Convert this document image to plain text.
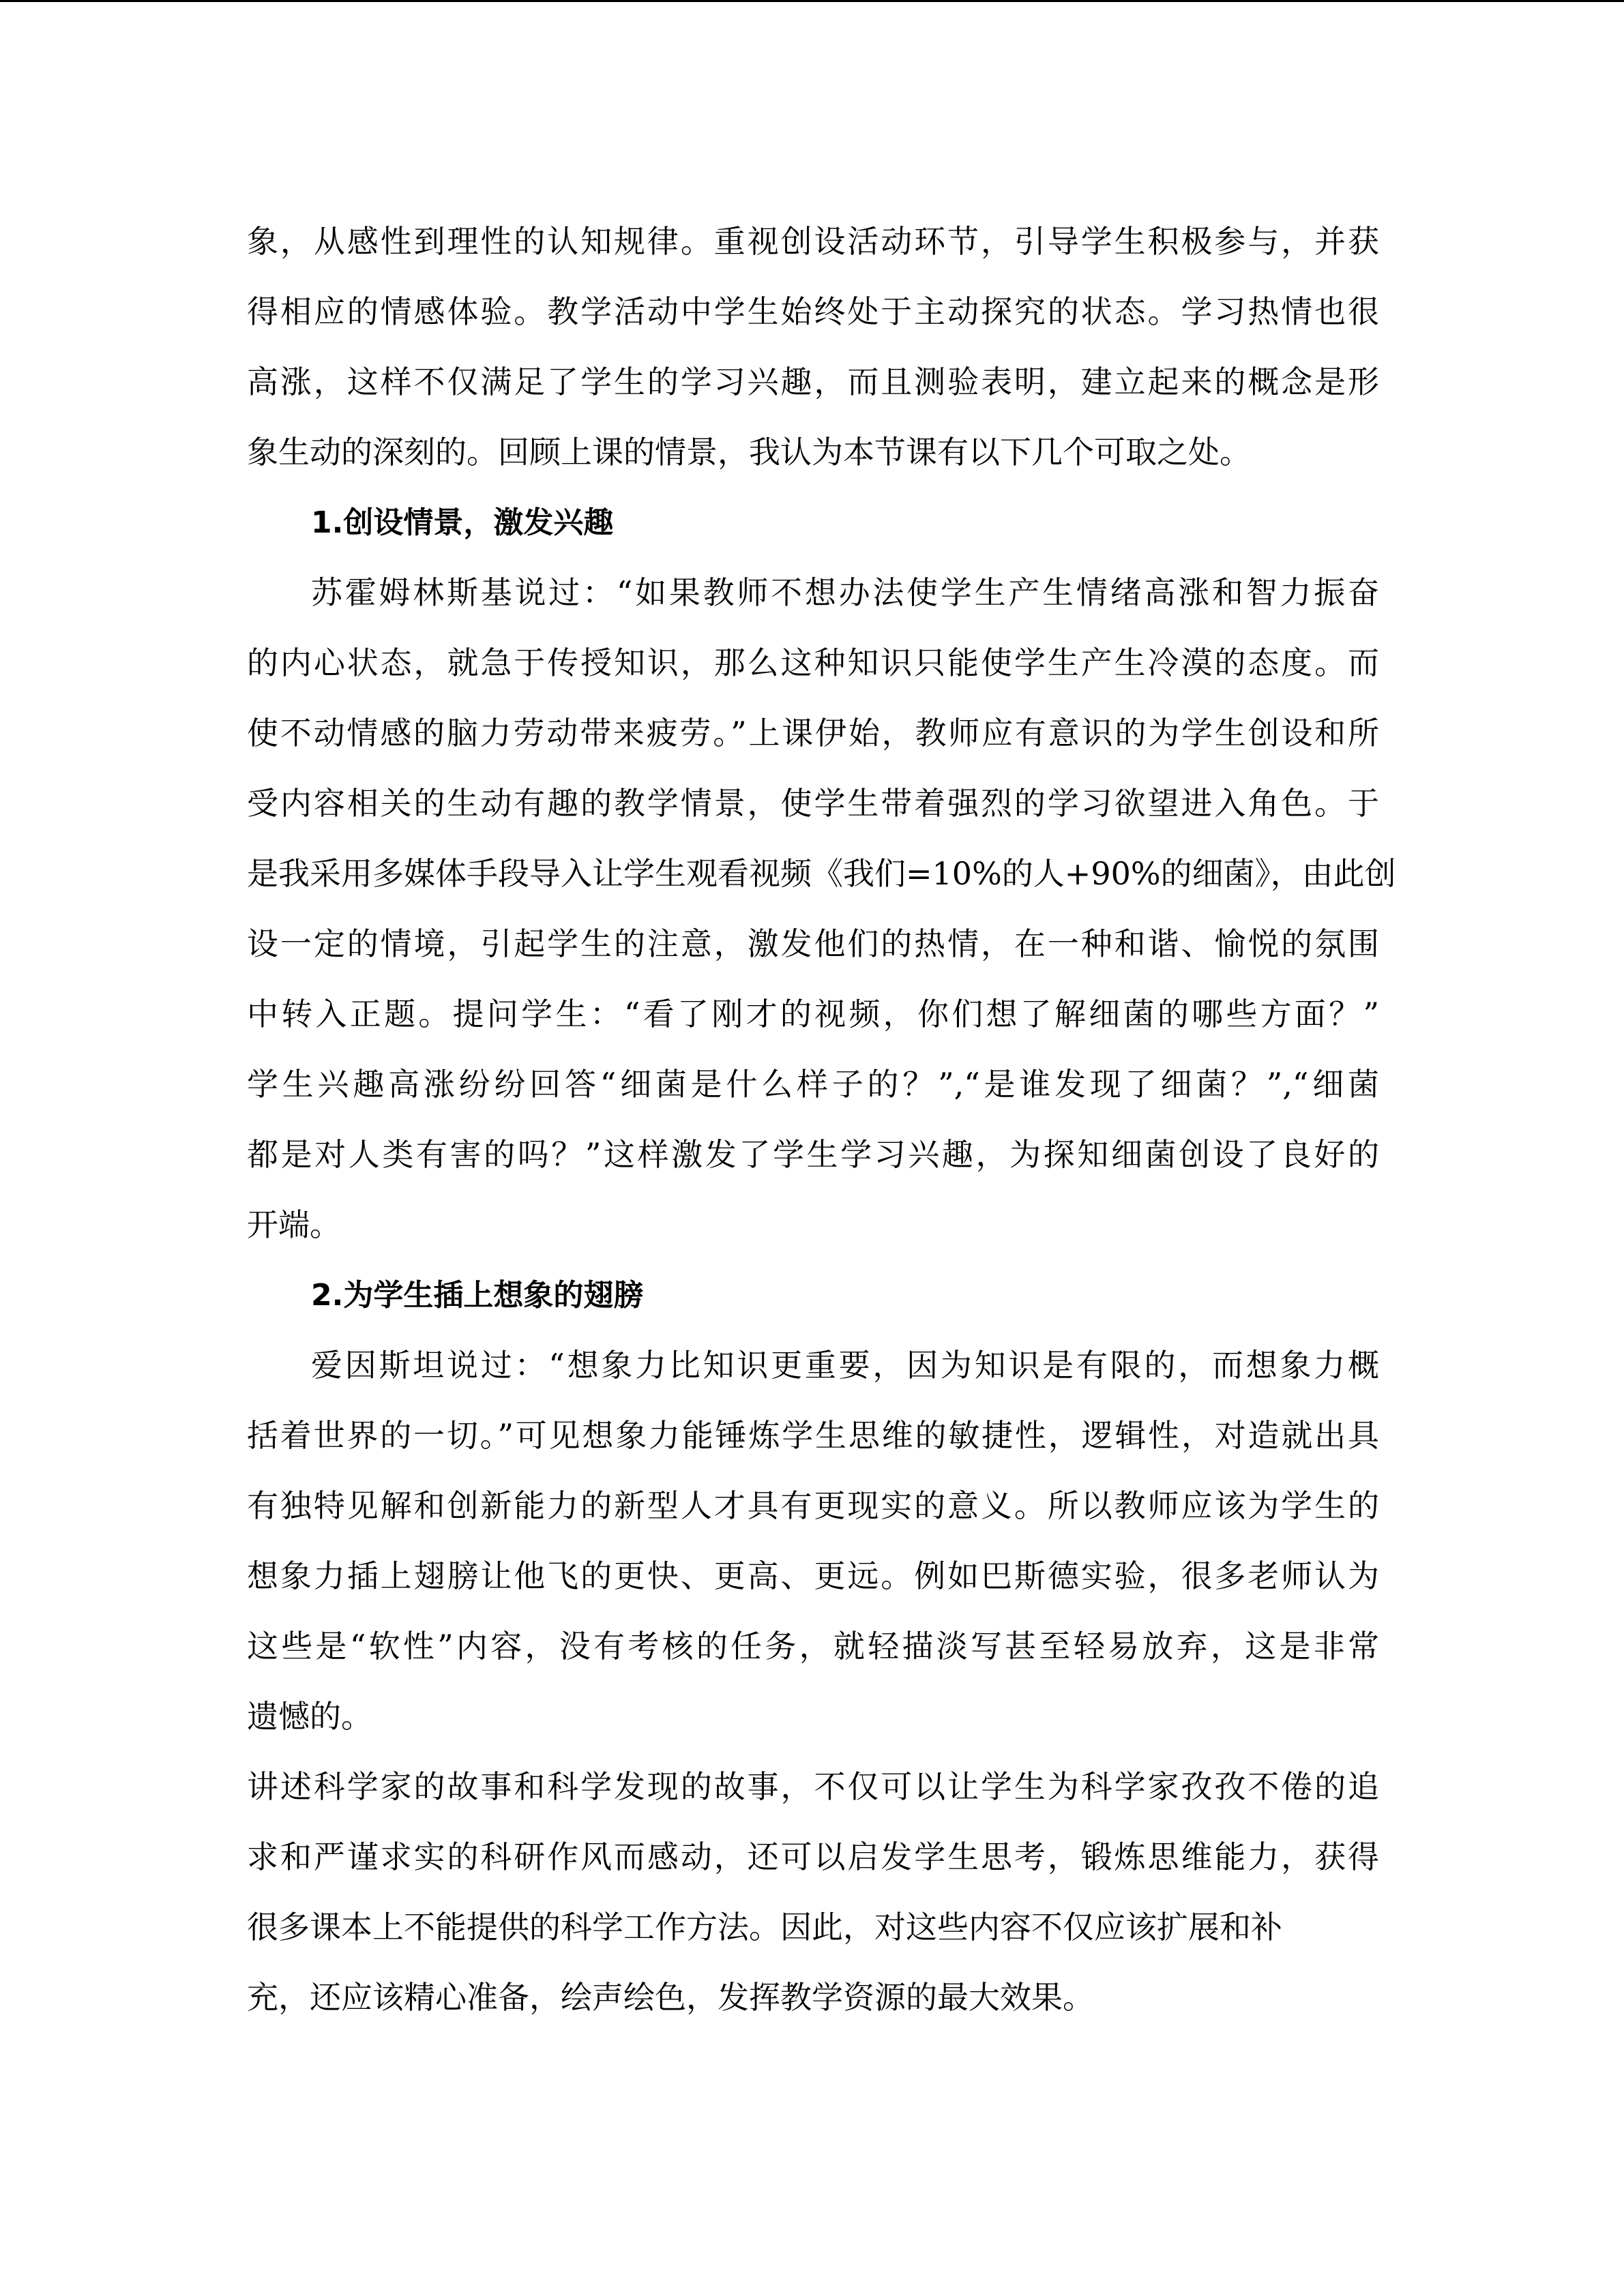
象，从感性到理性的认知规律。重视创设活动环节，引导学生积极参与，并获
得相应的情感体验。教学活动中学生始终处于主动探究的状态。学习热情也很
高涨，这样不仅满足了学生的学习兴趣，而且测验表明，建立起来的概念是形
象生动的深刻的。回顾上课的情景，我认为本节课有以下几个可取之处。
1.创设情景，激发兴趣
苏霍姆林斯基说过：“如果教师不想办法使学生产生情绪高涨和智力振奋
的内心状态，就急于传授知识，那么这种知识只能使学生产生冷漠的态度。而
使不动情感的脑力劳动带来疲劳。”上课伊始，教师应有意识的为学生创设和所
受内容相关的生动有趣的教学情景，使学生带着强烈的学习欲望进入角色。于
是我采用多媒体手段导入让学生观看视频《我们=10%的人+90%的细菌》，由此创
设一定的情境，引起学生的注意，激发他们的热情，在一种和谐、愉悦的氛围
中转入正题。提问学生：“看了刚才的视频，你们想了解细菌的哪些方面？”
学生兴趣高涨纷纷回答“细菌是什么样子的？”,“是谁发现了细菌？”,“细菌
都是对人类有害的吗？”这样激发了学生学习兴趣，为探知细菌创设了良好的
开端。
2.为学生插上想象的翅膀
爱因斯坦说过：“想象力比知识更重要，因为知识是有限的，而想象力概
括着世界的一切。”可见想象力能锤炼学生思维的敏捷性，逻辑性，对造就出具
有独特见解和创新能力的新型人才具有更现实的意义。所以教师应该为学生的
想象力插上翅膀让他飞的更快、更高、更远。例如巴斯德实验，很多老师认为
这些是“软性”内容，没有考核的任务，就轻描淡写甚至轻易放弃，这是非常
遗憾的。
讲述科学家的故事和科学发现的故事，不仅可以让学生为科学家孜孜不倦的追
求和严谨求实的科研作风而感动，还可以启发学生思考，锻炼思维能力，获得
很多课本上不能提供的科学工作方法。因此，对这些内容不仅应该扩展和补
充，还应该精心准备，绘声绘色，发挥教学资源的最大效果。
